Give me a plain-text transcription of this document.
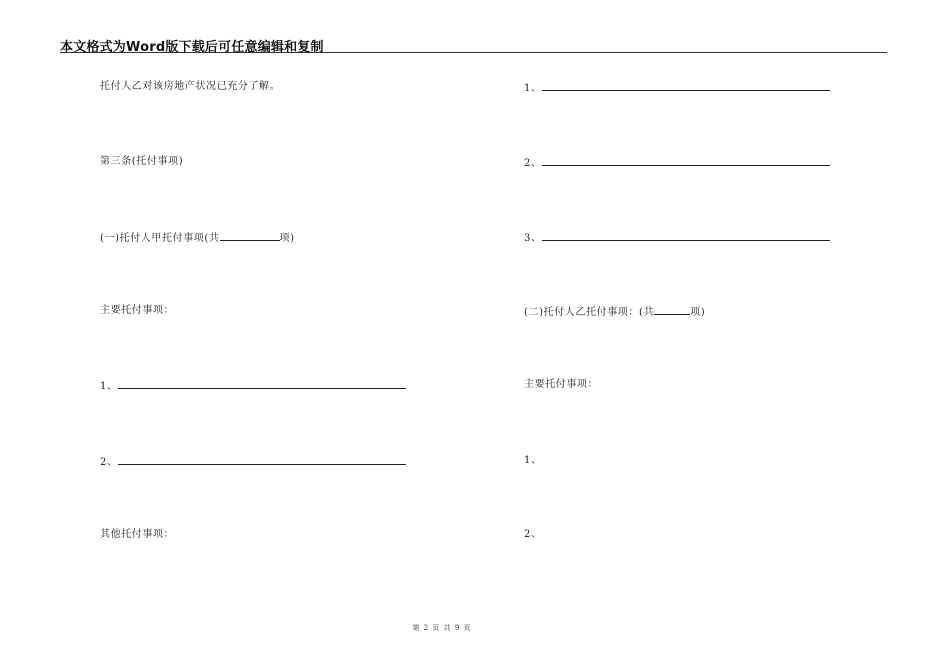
本文格式为Word版下载后可任意编辑和复制
托付人乙对该房地产状况已充分了解。
第三条(托付事项)
(一)托付人甲托付事项(共	项)
主要托付事项：
1、
2、
其他托付事项：
1、
2、
3、
(二)托付人乙托付事项：(共	项)
主要托付事项：
1、
2、
第 2 页 共 9 页
